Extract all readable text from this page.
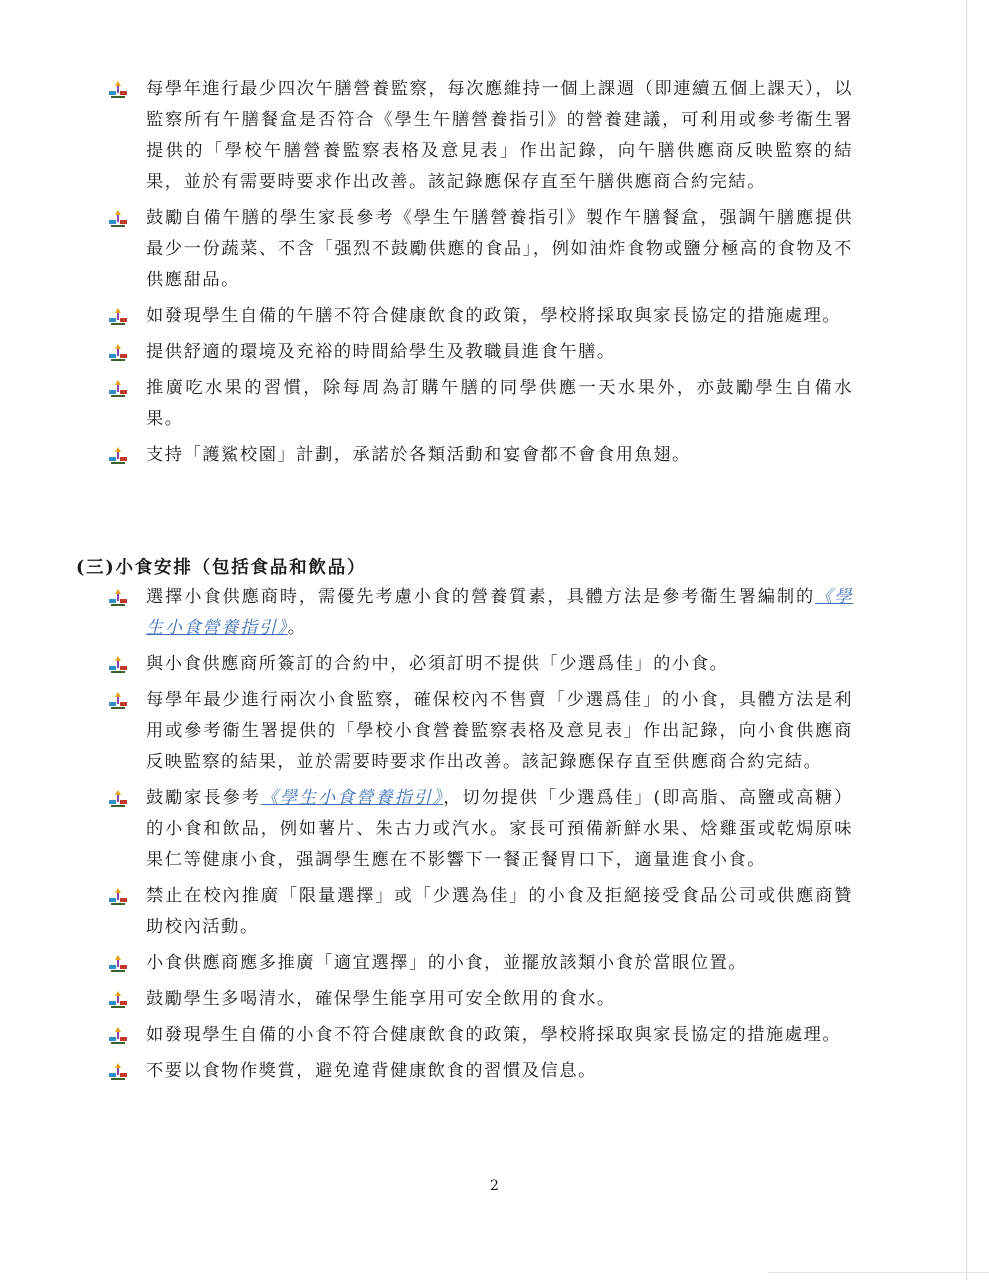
每學年進行最少四次午膳營養監察，每次應維持一個上課週（即連續五個上課天），以監察所有午膳餐盒是否符合《學生午膳營養指引》的營養建議，可利用或參考衞生署提供的「學校午膳營養監察表格及意見表」作出記錄，向午膳供應商反映監察的結果，並於有需要時要求作出改善。該記錄應保存直至午膳供應商合約完結。
鼓勵自備午膳的學生家長參考《學生午膳營養指引》製作午膳餐盒，强調午膳應提供最少一份蔬菜、不含「强烈不鼓勵供應的食品」，例如油炸食物或鹽分極高的食物及不供應甜品。
如發現學生自備的午膳不符合健康飲食的政策，學校將採取與家長協定的措施處理。
提供舒適的環境及充裕的時間給學生及教職員進食午膳。
推廣吃水果的習慣，除每周為訂購午膳的同學供應一天水果外，亦鼓勵學生自備水果。
支持「護鯊校園」計劃，承諾於各類活動和宴會都不會食用魚翅。
(三)小食安排（包括食品和飲品）
選擇小食供應商時，需優先考慮小食的營養質素，具體方法是參考衞生署編制的《學生小食營養指引》。
與小食供應商所簽訂的合約中，必須訂明不提供「少選爲佳」的小食。
每學年最少進行兩次小食監察，確保校內不售賣「少選爲佳」的小食，具體方法是利用或參考衞生署提供的「學校小食營養監察表格及意見表」作出記錄，向小食供應商反映監察的結果，並於需要時要求作出改善。該記錄應保存直至供應商合約完結。
鼓勵家長參考《學生小食營養指引》，切勿提供「少選爲佳」(即高脂、高鹽或高糖）的小食和飲品，例如薯片、朱古力或汽水。家長可預備新鮮水果、焓雞蛋或乾焗原味果仁等健康小食，强調學生應在不影響下一餐正餐胃口下，適量進食小食。
禁止在校內推廣「限量選擇」或「少選為佳」的小食及拒絕接受食品公司或供應商贊助校內活動。
小食供應商應多推廣「適宜選擇」的小食，並擺放該類小食於當眼位置。
鼓勵學生多喝清水，確保學生能享用可安全飲用的食水。
如發現學生自備的小食不符合健康飲食的政策，學校將採取與家長協定的措施處理。
不要以食物作獎賞，避免違背健康飲食的習慣及信息。
2
